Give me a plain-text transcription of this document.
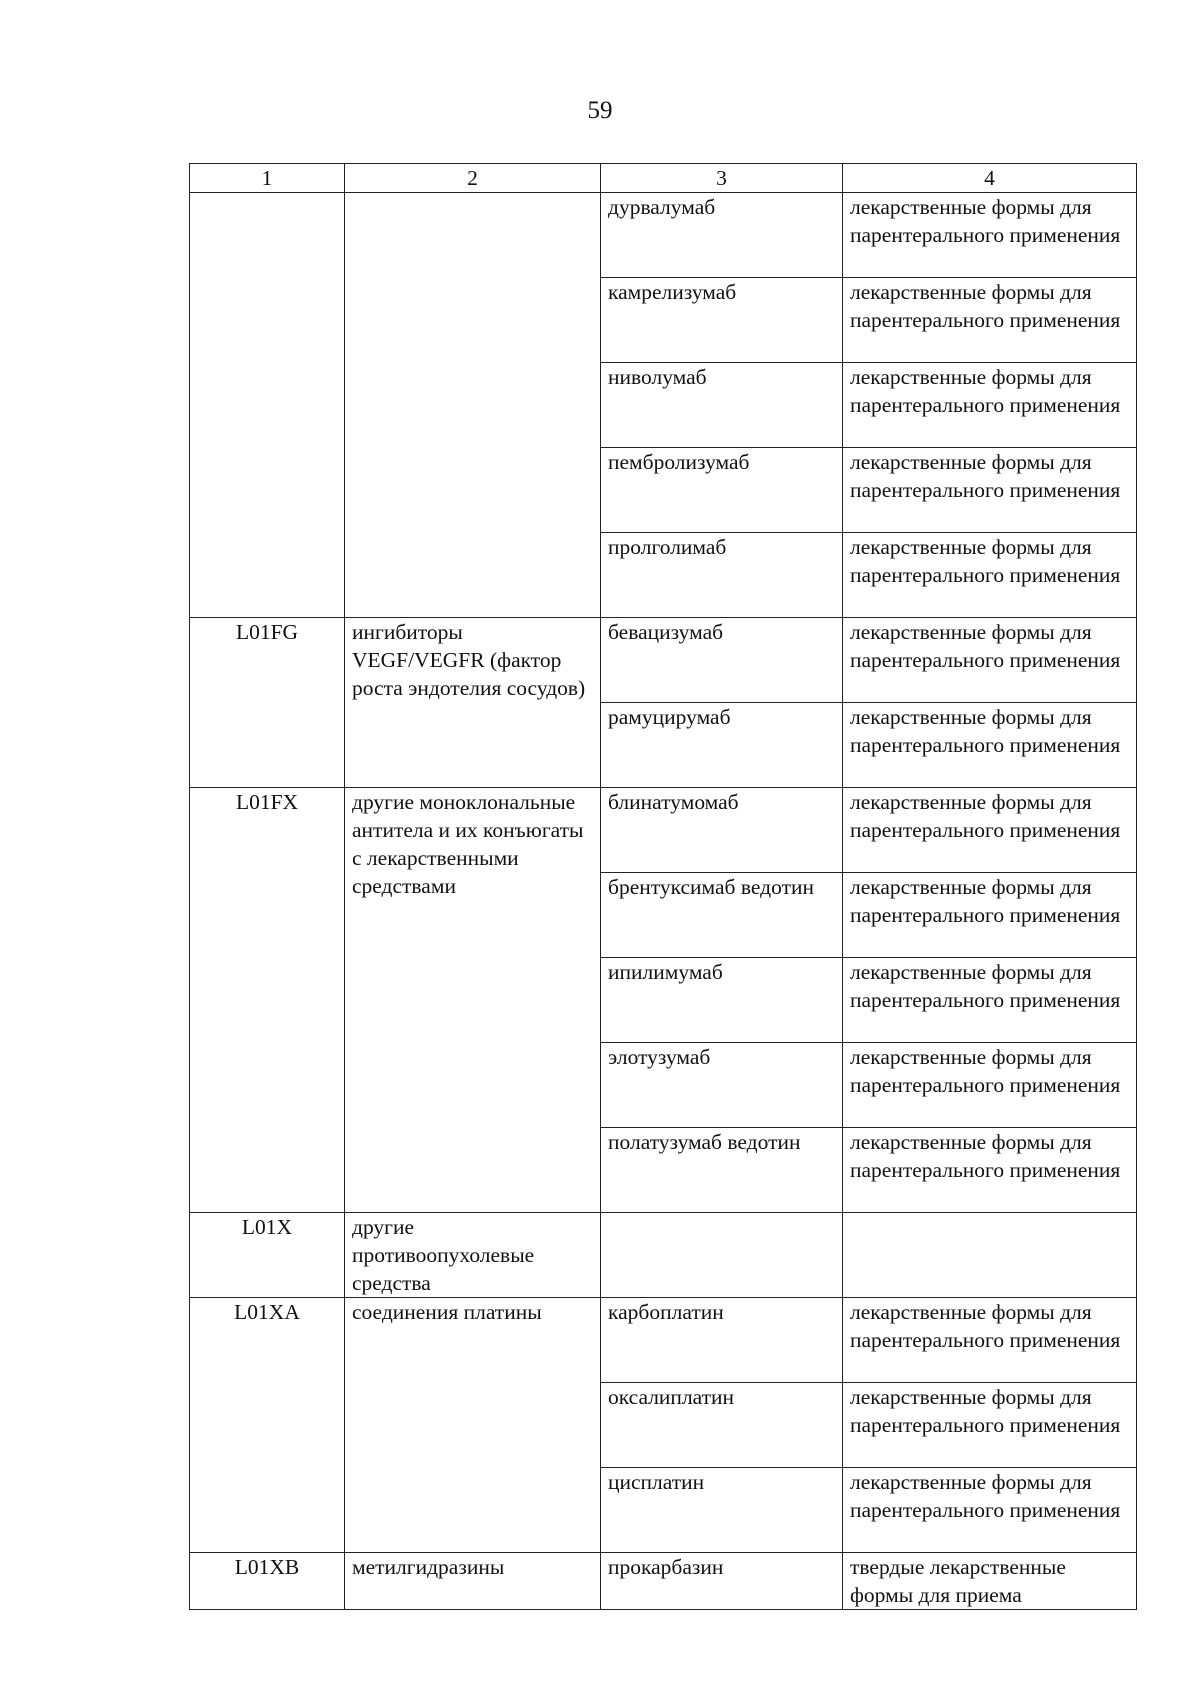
59
1	2	3	4
		дурвалумаб	лекарственные формы для парентерального применения
		камрелизумаб	лекарственные формы для парентерального применения
		ниволумаб	лекарственные формы для парентерального применения
		пембролизумаб	лекарственные формы для парентерального применения
		пролголимаб	лекарственные формы для парентерального применения
L01FG	ингибиторы VEGF/VEGFR (фактор роста эндотелия сосудов)	бевацизумаб	лекарственные формы для парентерального применения
		рамуцирумаб	лекарственные формы для парентерального применения
L01FX	другие моноклональные антитела и их конъюгаты с лекарственными средствами	блинатумомаб	лекарственные формы для парентерального применения
		брентуксимаб ведотин	лекарственные формы для парентерального применения
		ипилимумаб	лекарственные формы для парентерального применения
		элотузумаб	лекарственные формы для парентерального применения
		полатузумаб ведотин	лекарственные формы для парентерального применения
L01X	другие противоопухолевые средства		
L01XA	соединения платины	карбоплатин	лекарственные формы для парентерального применения
		оксалиплатин	лекарственные формы для парентерального применения
		цисплатин	лекарственные формы для парентерального применения
L01XB	метилгидразины	прокарбазин	твердые лекарственные формы для приема
